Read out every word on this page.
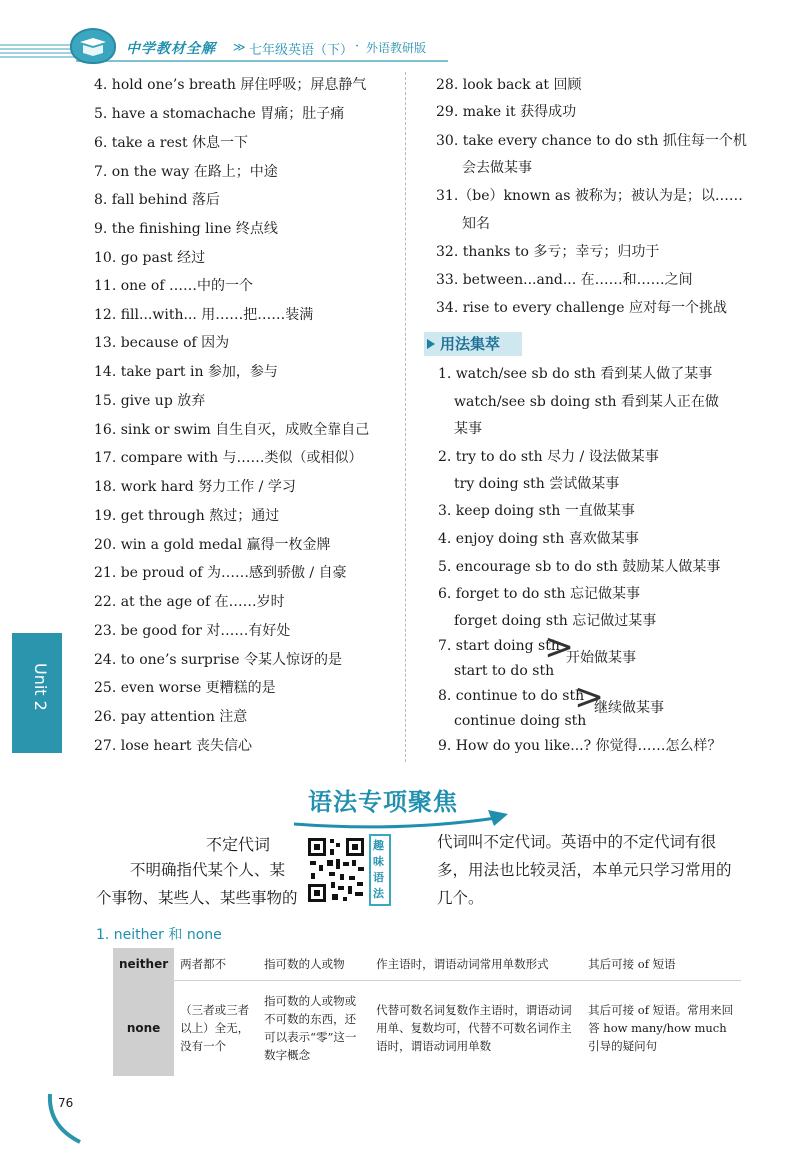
中学教材全解 ≫ 七年级英语（下） · 外语教研版
4. hold one’s breath 屏住呼吸；屏息静气
5. have a stomachache 胃痛；肚子痛
6. take a rest 休息一下
7. on the way 在路上；中途
8. fall behind 落后
9. the finishing line 终点线
10. go past 经过
11. one of ……中的一个
12. fill...with... 用……把……装满
13. because of 因为
14. take part in 参加，参与
15. give up 放弃
16. sink or swim 自生自灭，成败全靠自己
17. compare with 与……类似（或相似）
18. work hard 努力工作 / 学习
19. get through 熬过；通过
20. win a gold medal 赢得一枚金牌
21. be proud of 为……感到骄傲 / 自豪
22. at the age of 在……岁时
23. be good for 对……有好处
24. to one’s surprise 令某人惊讶的是
25. even worse 更糟糕的是
26. pay attention 注意
27. lose heart 丧失信心
28. look back at 回顾
29. make it 获得成功
30. take every chance to do sth 抓住每一个机
会去做某事
31.（be）known as 被称为；被认为是；以……
知名
32. thanks to 多亏；幸亏；归功于
33. between...and... 在……和……之间
34. rise to every challenge 应对每一个挑战
用法集萃
1. watch/see sb do sth 看到某人做了某事
watch/see sb doing sth 看到某人正在做
某事
2. try to do sth 尽力 / 设法做某事
try doing sth 尝试做某事
3. keep doing sth 一直做某事
4. enjoy doing sth 喜欢做某事
5. encourage sb to do sth 鼓励某人做某事
6. forget to do sth 忘记做某事
forget doing sth 忘记做过某事
7. start doing sth
start to do sth
>
开始做某事
8. continue to do sth
continue doing sth
>
继续做某事
9. How do you like...? 你觉得……怎么样？
Unit 2
语法专项聚焦
不定代词
不明确指代某个人、某
个事物、某些人、某些事物的
代词叫不定代词。英语中的不定代词有很
多，用法也比较灵活，本单元只学习常用的
几个。
趣味语法
1. neither 和 none
neither	两者都不	指可数的人或物	作主语时，谓语动词常用单数形式	其后可接 of 短语
none	（三者或三者以上）全无，没有一个	指可数的人或物或不可数的东西，还可以表示“零”这一数字概念	代替可数名词复数作主语时，谓语动词用单、复数均可，代替不可数名词作主语时，谓语动词用单数	其后可接 of 短语。常用来回答 how many/how much 引导的疑问句
76
